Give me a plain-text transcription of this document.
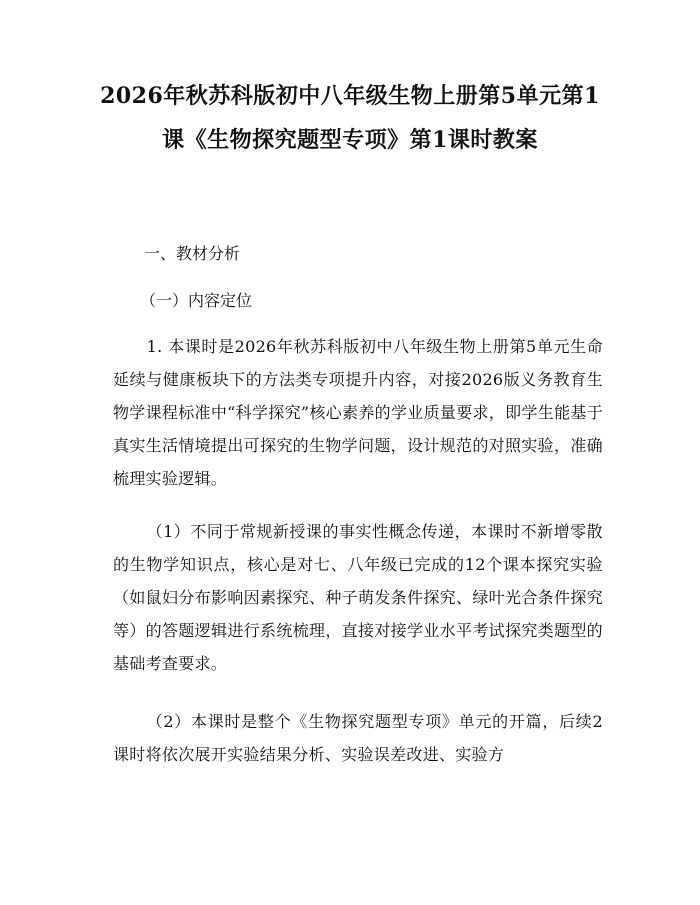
2026年秋苏科版初中八年级生物上册第5单元第1课《生物探究题型专项》第1课时教案

一、教材分析

（一）内容定位

1. 本课时是2026年秋苏科版初中八年级生物上册第5单元生命延续与健康板块下的方法类专项提升内容，对接2026版义务教育生物学课程标准中“科学探究”核心素养的学业质量要求，即学生能基于真实生活情境提出可探究的生物学问题，设计规范的对照实验，准确梳理实验逻辑。

（1）不同于常规新授课的事实性概念传递，本课时不新增零散的生物学知识点，核心是对七、八年级已完成的12个课本探究实验（如鼠妇分布影响因素探究、种子萌发条件探究、绿叶光合条件探究等）的答题逻辑进行系统梳理，直接对接学业水平考试探究类题型的基础考查要求。

（2）本课时是整个《生物探究题型专项》单元的开篇，后续2课时将依次展开实验结果分析、实验误差改进、实验方
